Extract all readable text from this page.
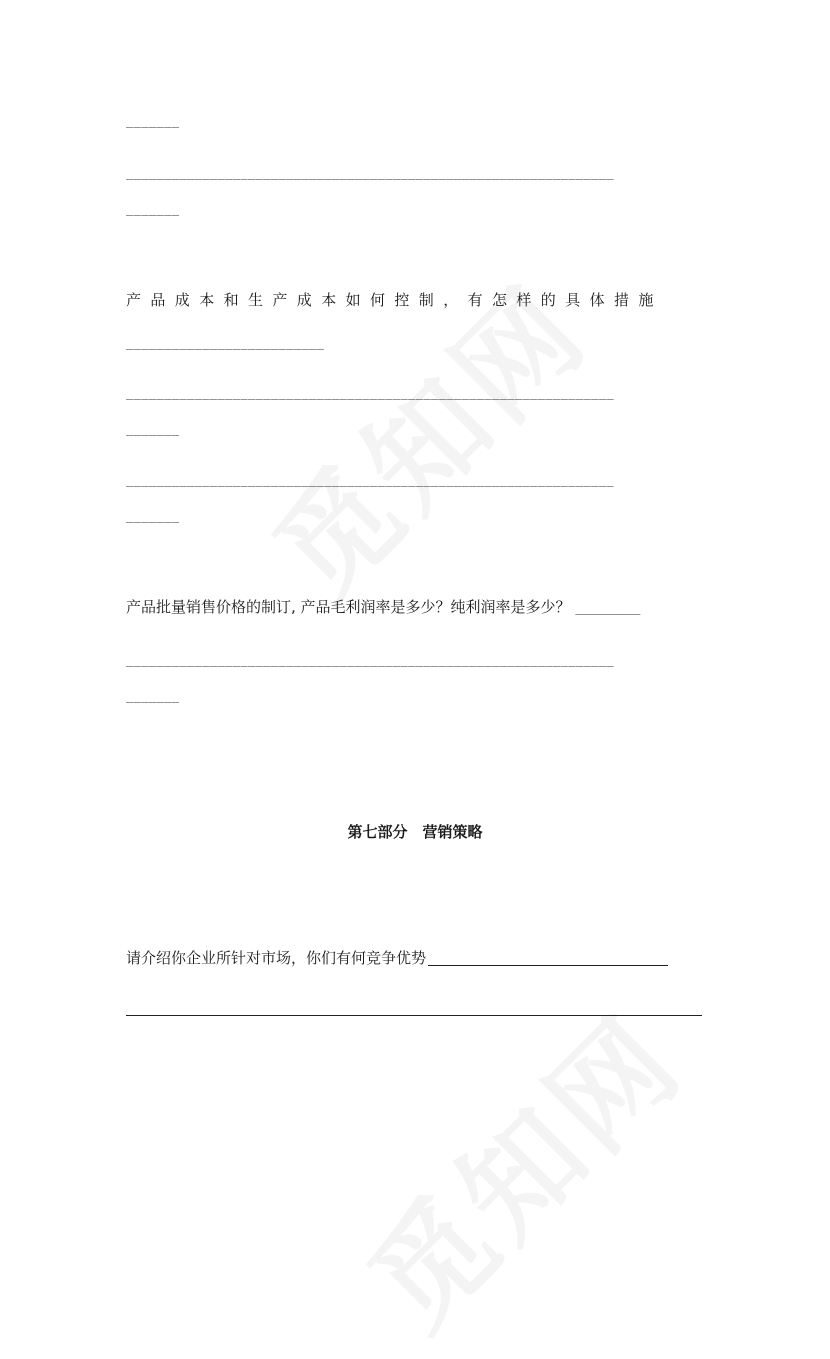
_______
________________________________________________________________
_______
产品成本和生产成本如何控制，有怎样的具体措施
__________________________
________________________________________________________________
_______
________________________________________________________________
_______
产品批量销售价格的制订, 产品毛利润率是多少？纯利润率是多少？ _________
________________________________________________________________
_______
第七部分　营销策略
请介绍你企业所针对市场，你们有何竞争优势
